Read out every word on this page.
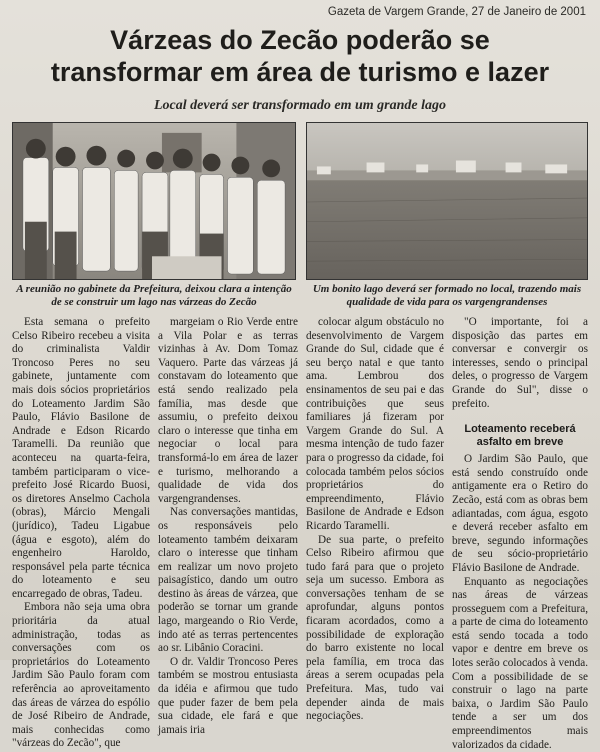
Gazeta de Vargem Grande, 27 de Janeiro de 2001
Várzeas do Zecão poderão se
transformar em área de turismo e lazer
Local deverá ser transformado em um grande lago
A reunião no gabinete da Prefeitura, deixou clara a intenção de se construir um lago nas várzeas do Zecão
Um bonito lago deverá ser formado no local, trazendo mais qualidade de vida para os vargengrandenses

Esta semana o prefeito Celso Ribeiro recebeu a visita do criminalista Valdir Troncoso Peres no seu gabinete, juntamente com mais dois sócios proprietários do Loteamento Jardim São Paulo, Flávio Basilone de Andrade e Edson Ricardo Taramelli. Da reunião que aconteceu na quarta-feira, também participaram o vice-prefeito José Ricardo Buosi, os diretores Anselmo Cachola (obras), Márcio Mengali (jurídico), Tadeu Ligabue (água e esgoto), além do engenheiro Haroldo, responsável pela parte técnica do loteamento e seu encarregado de obras, Tadeu.

Embora não seja uma obra prioritária da atual administração, todas as conversações com os proprietários do Loteamento Jardim São Paulo foram com referência ao aproveitamento das áreas de várzea do espólio de José Ribeiro de Andrade, mais conhecidas como "várzeas do Zecão", que

margeiam o Rio Verde entre a Vila Polar e as terras vizinhas à Av. Dom Tomaz Vaquero. Parte das várzeas já constavam do loteamento que está sendo realizado pela família, mas desde que assumiu, o prefeito deixou claro o interesse que tinha em negociar o local para transformá-lo em área de lazer e turismo, melhorando a qualidade de vida dos vargengrandenses.

Nas conversações mantidas, os responsáveis pelo loteamento também deixaram claro o interesse que tinham em realizar um novo projeto paisagístico, dando um outro destino às áreas de várzea, que poderão se tornar um grande lago, margeando o Rio Verde, indo até as terras pertencentes ao sr. Libânio Coracini.

O dr. Valdir Troncoso Peres também se mostrou entusiasta da idéia e afirmou que tudo que puder fazer de bem pela sua cidade, ele fará e que jamais iria

colocar algum obstáculo no desenvolvimento de Vargem Grande do Sul, cidade que é seu berço natal e que tanto ama. Lembrou dos ensinamentos de seu pai e das contribuições que seus familiares já fizeram por Vargem Grande do Sul. A mesma intenção de tudo fazer para o progresso da cidade, foi colocada também pelos sócios proprietários do empreendimento, Flávio Basilone de Andrade e Edson Ricardo Taramelli.

De sua parte, o prefeito Celso Ribeiro afirmou que tudo fará para que o projeto seja um sucesso. Embora as conversações tenham de se aprofundar, alguns pontos ficaram acordados, como a possibilidade de exploração do barro existente no local pela família, em troca das áreas a serem ocupadas pela Prefeitura. Mas, tudo vai depender ainda de mais negociações.

"O importante, foi a disposição das partes em conversar e convergir os interesses, sendo o principal deles, o progresso de Vargem Grande do Sul", disse o prefeito.

Loteamento receberá asfalto em breve

O Jardim São Paulo, que está sendo construído onde antigamente era o Retiro do Zecão, está com as obras bem adiantadas, com água, esgoto e deverá receber asfalto em breve, segundo informações de seu sócio-proprietário Flávio Basilone de Andrade.

Enquanto as negociações nas áreas de várzeas prosseguem com a Prefeitura, a parte de cima do loteamento está sendo tocada a todo vapor e dentre em breve os lotes serão colocados à venda. Com a possibilidade de se construir o lago na parte baixa, o Jardim São Paulo tende a ser um dos empreendimentos mais valorizados da cidade.
